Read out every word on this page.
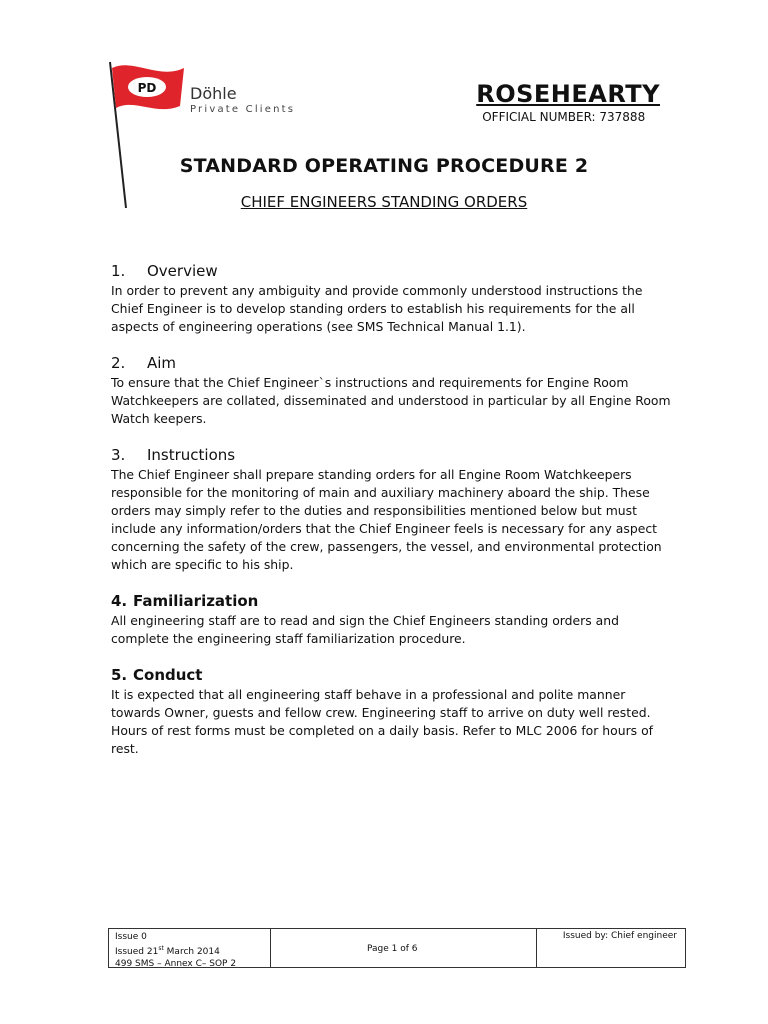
PD Döhle
Private Clients
ROSEHEARTY
OFFICIAL NUMBER: 737888
STANDARD OPERATING PROCEDURE 2
CHIEF ENGINEERS STANDING ORDERS
1.	Overview

In order to prevent any ambiguity and provide commonly understood instructions the Chief Engineer is to develop standing orders to establish his requirements for the all aspects of engineering operations (see SMS Technical Manual 1.1).

2.	Aim

To ensure that the Chief Engineer`s instructions and requirements for Engine Room Watchkeepers are collated, disseminated and understood in particular by all Engine Room Watch keepers.

3.	Instructions

The Chief Engineer shall prepare standing orders for all Engine Room Watchkeepers responsible for the monitoring of main and auxiliary machinery aboard the ship. These orders may simply refer to the duties and responsibilities mentioned below but must include any information/orders that the Chief Engineer feels is necessary for any aspect concerning the safety of the crew, passengers, the vessel, and environmental protection which are specific to his ship.

4. Familiarization

All engineering staff are to read and sign the Chief Engineers standing orders and complete the engineering staff familiarization procedure.

5. Conduct

It is expected that all engineering staff behave in a professional and polite manner towards Owner, guests and fellow crew. Engineering staff to arrive on duty well rested. Hours of rest forms must be completed on a daily basis. Refer to MLC 2006 for hours of rest.

Issue 0
Issued 21st March 2014
499 SMS – Annex C– SOP 2
Page 1 of 6
Issued by: Chief engineer
